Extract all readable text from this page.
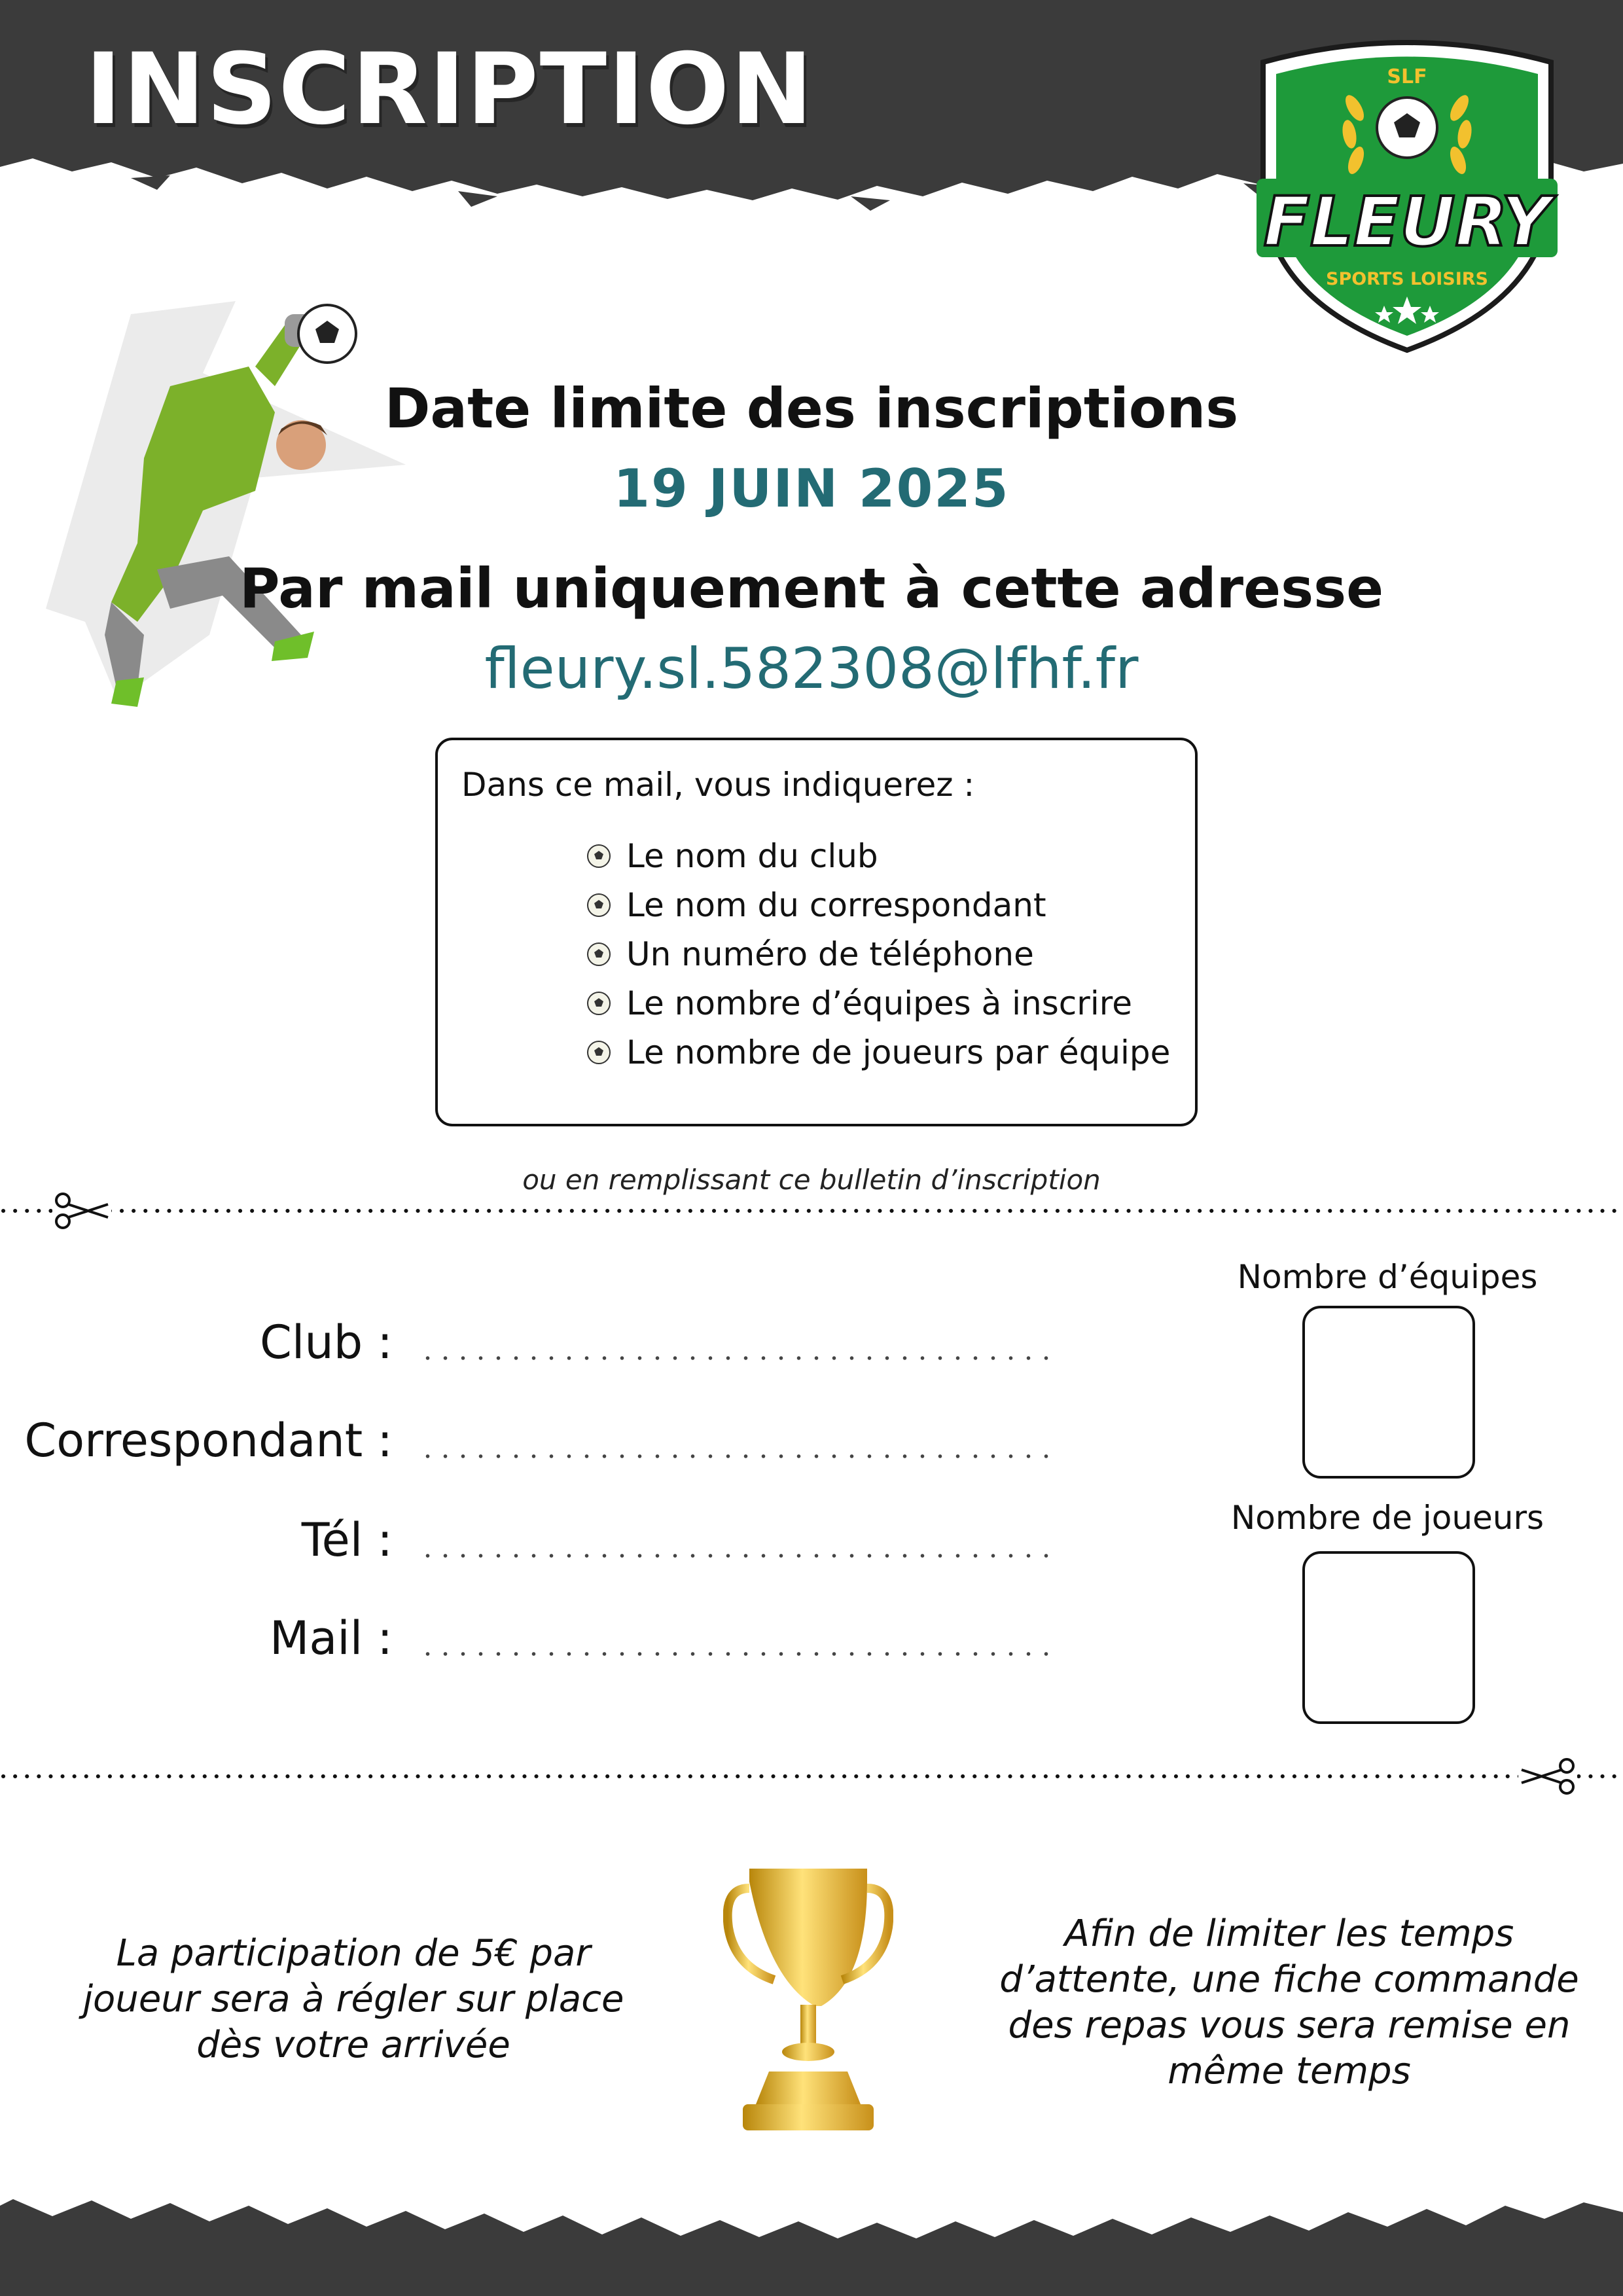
INSCRIPTION	SLF
FLEURY
SPORTS LOISIRS
Date limite des inscriptions
19 JUIN 2025
Par mail uniquement à cette adresse
fleury.sl.582308@lfhf.fr
Dans ce mail, vous indiquerez :
Le nom du club
Le nom du correspondant
Un numéro de téléphone
Le nombre d’équipes à inscrire
Le nombre de joueurs par équipe
ou en remplissant ce bulletin d’inscription
Club :
Correspondant :
Tél :
Mail :
Nombre d’équipes
Nombre de joueurs
La participation de 5€ par joueur sera à régler sur place dès votre arrivée
Afin de limiter les temps d’attente, une fiche commande des repas vous sera remise en même temps
